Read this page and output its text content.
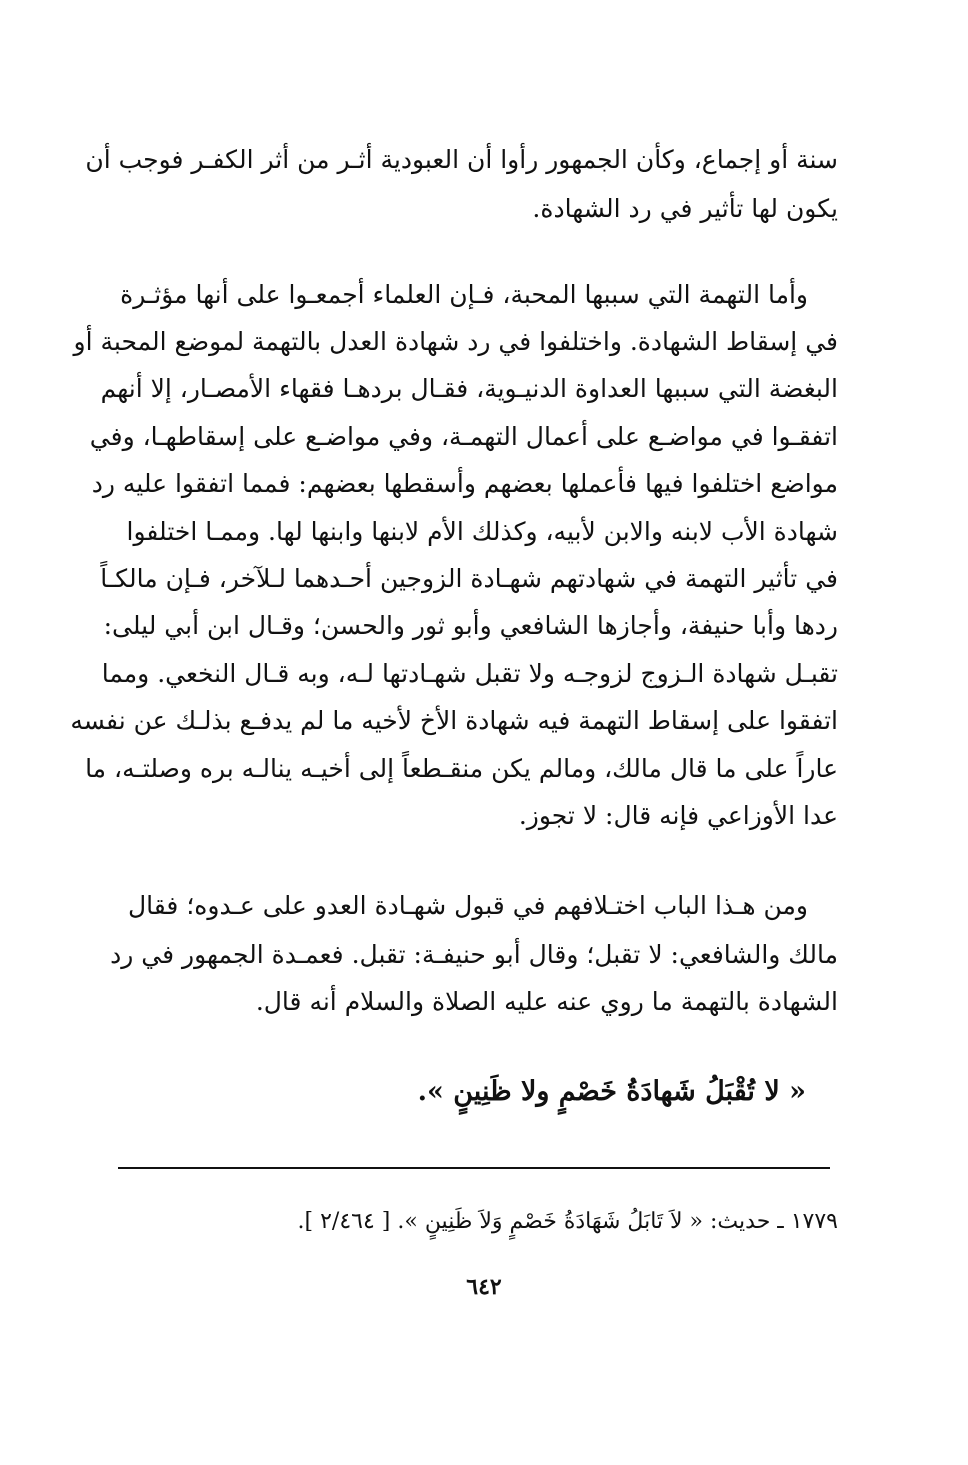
سنة أو إجماع، وكأن الجمهور رأوا أن العبودية أثـر من أثر الكفـر فوجب أن
يكون لها تأثير في رد الشهادة.
وأما التهمة التي سببها المحبة، فـإن العلماء أجمعـوا على أنها مؤثـرة
في إسقاط الشهادة. واختلفوا في رد شهادة العدل بالتهمة لموضع المحبة أو
البغضة التي سببها العداوة الدنيـوية، فقـال بردهـا فقهاء الأمصـار، إلا أنهم
اتفقـوا في مواضـع على أعمال التهمـة، وفي مواضـع على إسقاطهـا، وفي
مواضع اختلفوا فيها فأعملها بعضهم وأسقطها بعضهم: فمما اتفقوا عليه رد
شهادة الأب لابنه والابن لأبيه، وكذلك الأم لابنها وابنها لها. وممـا اختلفوا
في تأثير التهمة في شهادتهم شهـادة الزوجين أحـدهما لـلآخر، فـإن مالكـاً
ردها وأبا حنيفة، وأجازها الشافعي وأبو ثور والحسن؛ وقـال ابن أبي ليلى:
تقبـل شهادة الـزوج لزوجـه ولا تقبل شهـادتها لـه، وبه قـال النخعي. ومما
اتفقوا على إسقاط التهمة فيه شهادة الأخ لأخيه ما لم يدفـع بذلـك عن نفسه
عاراً على ما قال مالك، ومالم يكن منقـطعاً إلى أخيـه ينالـه بره وصلتـه، ما
عدا الأوزاعي فإنه قال: لا تجوز.
ومن هـذا الباب اختـلافهم في قبول شهـادة العدو على عـدوه؛ فقال
مالك والشافعي: لا تقبل؛ وقال أبو حنيفـة: تقبل. فعمـدة الجمهور في رد
الشهادة بالتهمة ما روي عنه عليه الصلاة والسلام أنه قال.
« لا تُقْبَلُ شَهادَةُ خَصْمٍ ولا ظَنِينٍ ».
١٧٧٩ ـ حديث: « لاَ تَابَلُ شَهَادَةُ خَصْمٍ وَلاَ ظَنِينٍ ». [ ٢/٤٦٤ ].
٦٤٢
